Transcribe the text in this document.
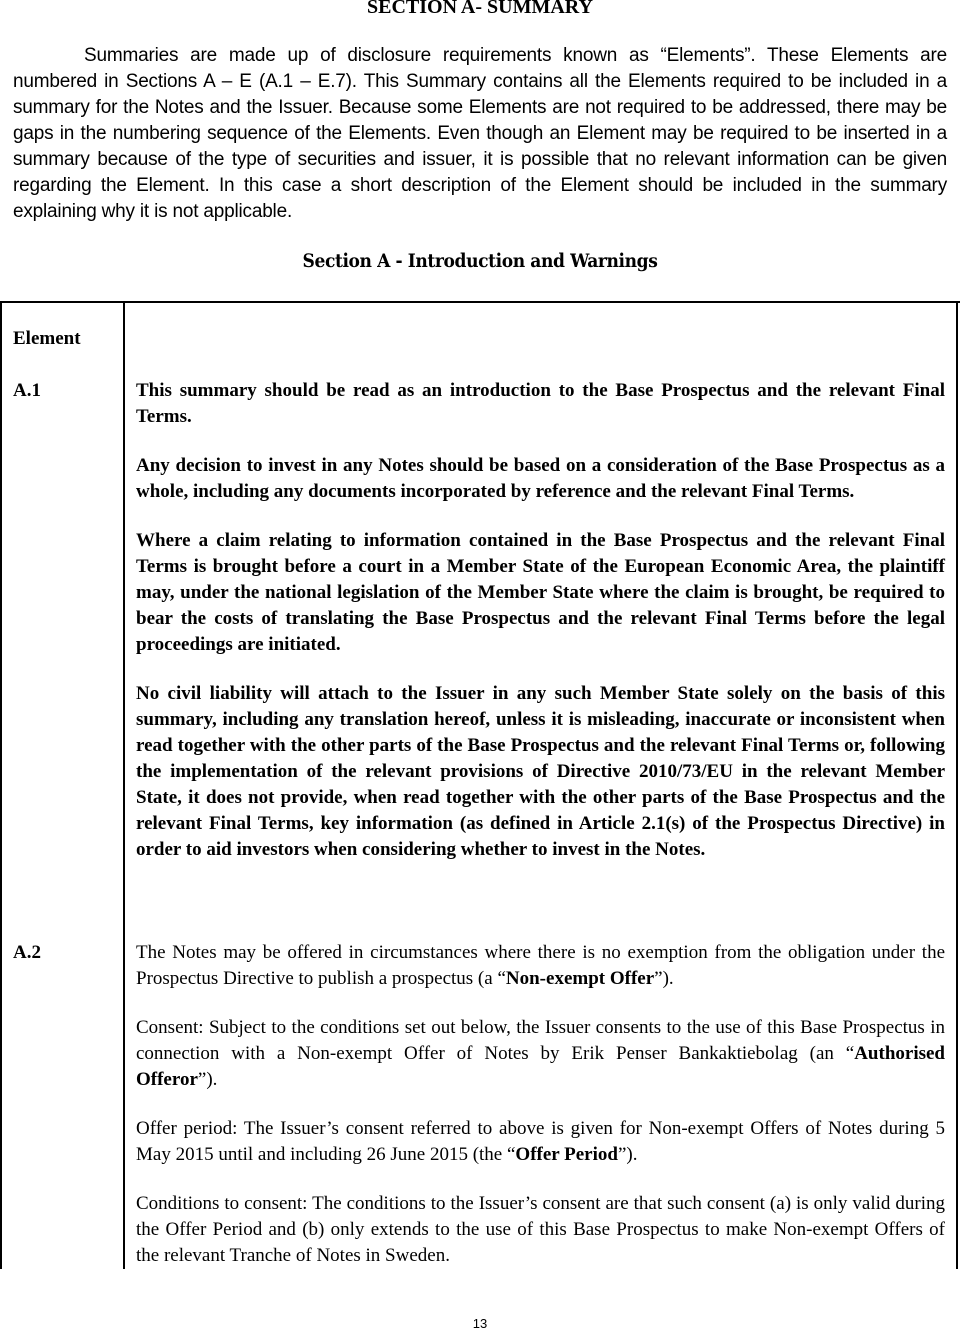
SECTION A- SUMMARY

Summaries are made up of disclosure requirements known as “Elements”. These Elements are numbered in Sections A – E (A.1 – E.7). This Summary contains all the Elements required to be included in a summary for the Notes and the Issuer. Because some Elements are not required to be addressed, there may be gaps in the numbering sequence of the Elements. Even though an Element may be required to be inserted in a summary because of the type of securities and issuer, it is possible that no relevant information can be given regarding the Element. In this case a short description of the Element should be included in the summary explaining why it is not applicable.

Section A - Introduction and Warnings
Element
A.1	This summary should be read as an introduction to the Base Prospectus and the relevant Final Terms.

Any decision to invest in any Notes should be based on a consideration of the Base Prospectus as a whole, including any documents incorporated by reference and the relevant Final Terms.

Where a claim relating to information contained in the Base Prospectus and the relevant Final Terms is brought before a court in a Member State of the European Economic Area, the plaintiff may, under the national legislation of the Member State where the claim is brought, be required to bear the costs of translating the Base Prospectus and the relevant Final Terms before the legal proceedings are initiated.

No civil liability will attach to the Issuer in any such Member State solely on the basis of this summary, including any translation hereof, unless it is misleading, inaccurate or inconsistent when read together with the other parts of the Base Prospectus and the relevant Final Terms or, following the implementation of the relevant provisions of Directive 2010/73/EU in the relevant Member State, it does not provide, when read together with the other parts of the Base Prospectus and the relevant Final Terms, key information (as defined in Article 2.1(s) of the Prospectus Directive) in order to aid investors when considering whether to invest in the Notes.

A.2	The Notes may be offered in circumstances where there is no exemption from the obligation under the Prospectus Directive to publish a prospectus (a “Non-exempt Offer”).

Consent: Subject to the conditions set out below, the Issuer consents to the use of this Base Prospectus in connection with a Non-exempt Offer of Notes by Erik Penser Bankaktiebolag (an “Authorised Offeror”).

Offer period: The Issuer’s consent referred to above is given for Non-exempt Offers of Notes during 5 May 2015 until and including 26 June 2015 (the “Offer Period”).

Conditions to consent: The conditions to the Issuer’s consent are that such consent (a) is only valid during the Offer Period and (b) only extends to the use of this Base Prospectus to make Non-exempt Offers of the relevant Tranche of Notes in Sweden.

13
